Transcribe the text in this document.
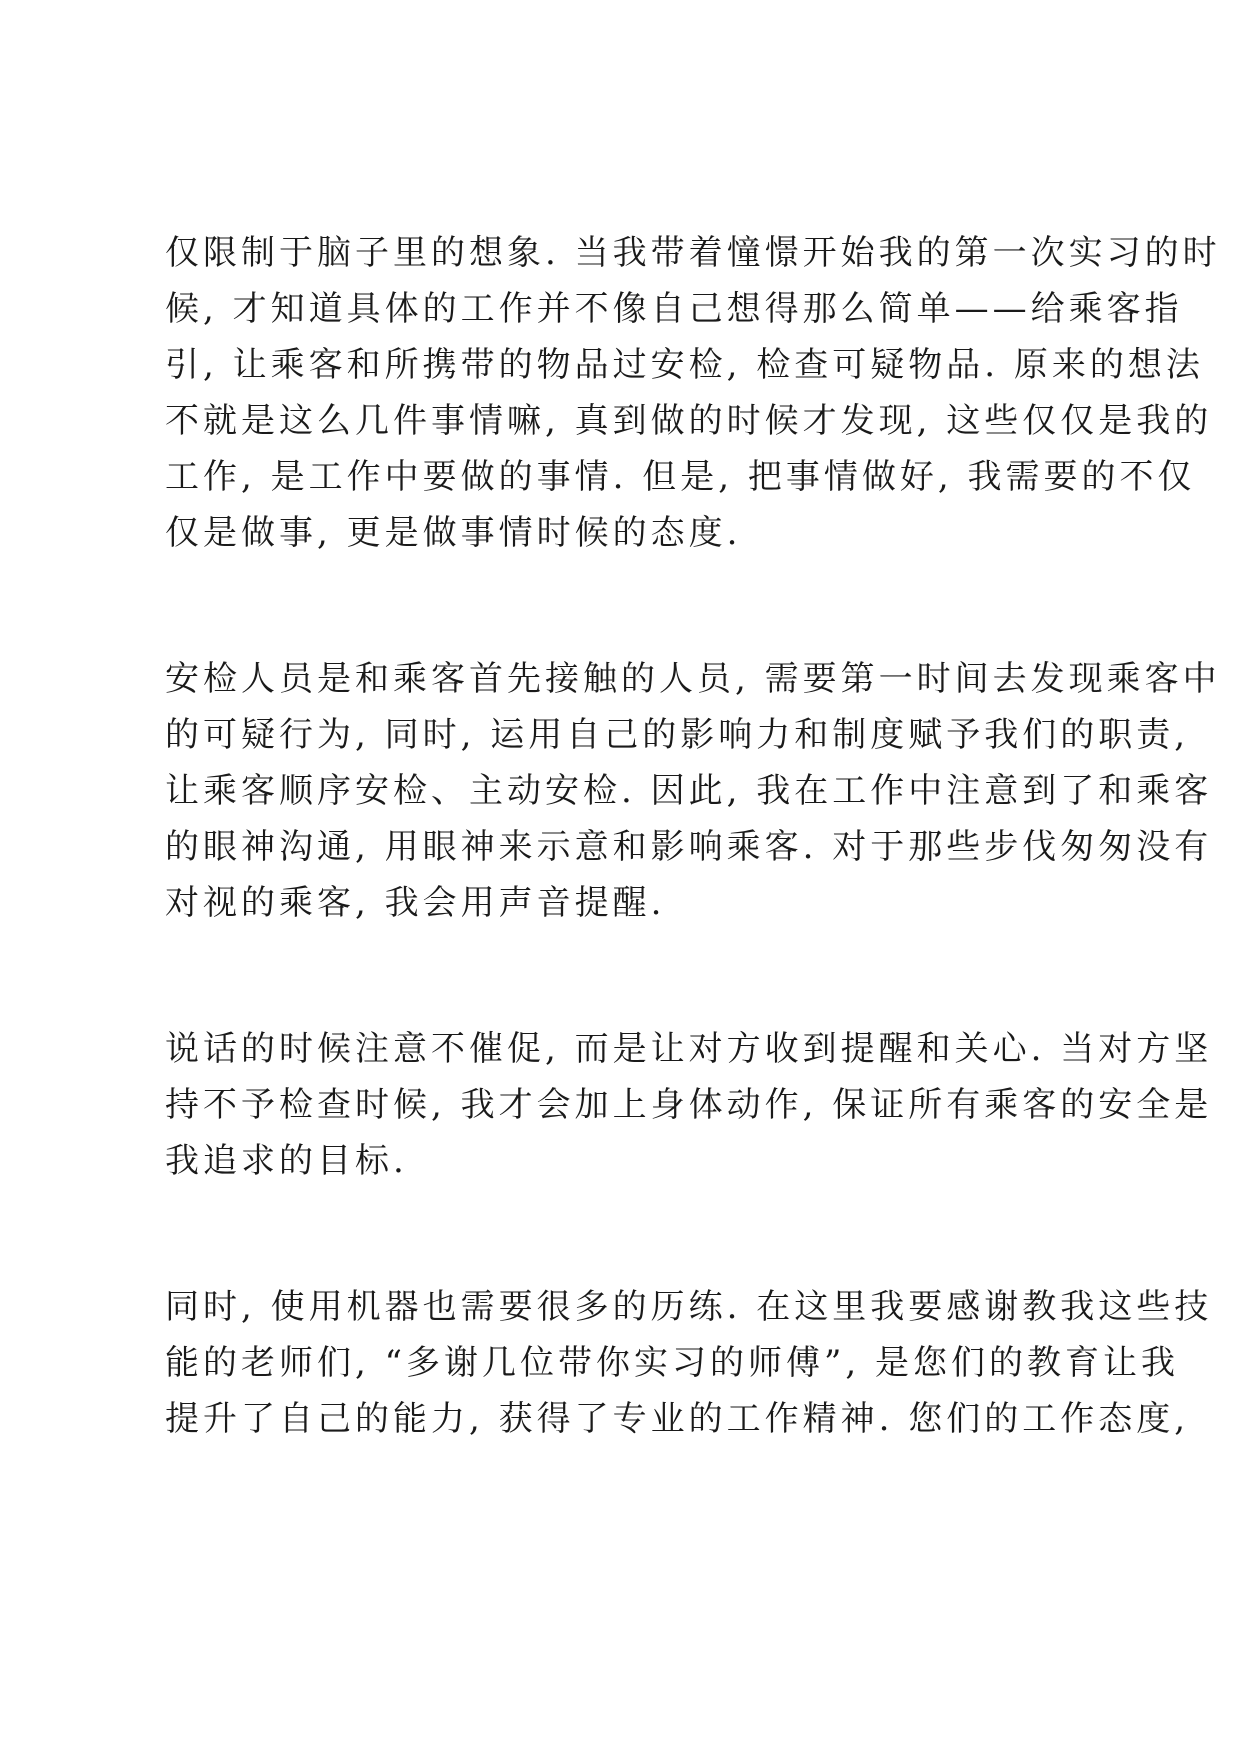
仅限制于脑子里的想象. 当我带着憧憬开始我的第一次实习的时
候, 才知道具体的工作并不像自己想得那么简单——给乘客指
引, 让乘客和所携带的物品过安检, 检查可疑物品. 原来的想法
不就是这么几件事情嘛, 真到做的时候才发现, 这些仅仅是我的
工作, 是工作中要做的事情. 但是, 把事情做好, 我需要的不仅
仅是做事, 更是做事情时候的态度.
安检人员是和乘客首先接触的人员, 需要第一时间去发现乘客中
的可疑行为, 同时, 运用自己的影响力和制度赋予我们的职责,
让乘客顺序安检、主动安检. 因此, 我在工作中注意到了和乘客
的眼神沟通, 用眼神来示意和影响乘客. 对于那些步伐匆匆没有
对视的乘客, 我会用声音提醒.
说话的时候注意不催促, 而是让对方收到提醒和关心. 当对方坚
持不予检查时候, 我才会加上身体动作, 保证所有乘客的安全是
我追求的目标.
同时, 使用机器也需要很多的历练. 在这里我要感谢教我这些技
能的老师们, “多谢几位带你实习的师傅”, 是您们的教育让我
提升了自己的能力, 获得了专业的工作精神. 您们的工作态度,
